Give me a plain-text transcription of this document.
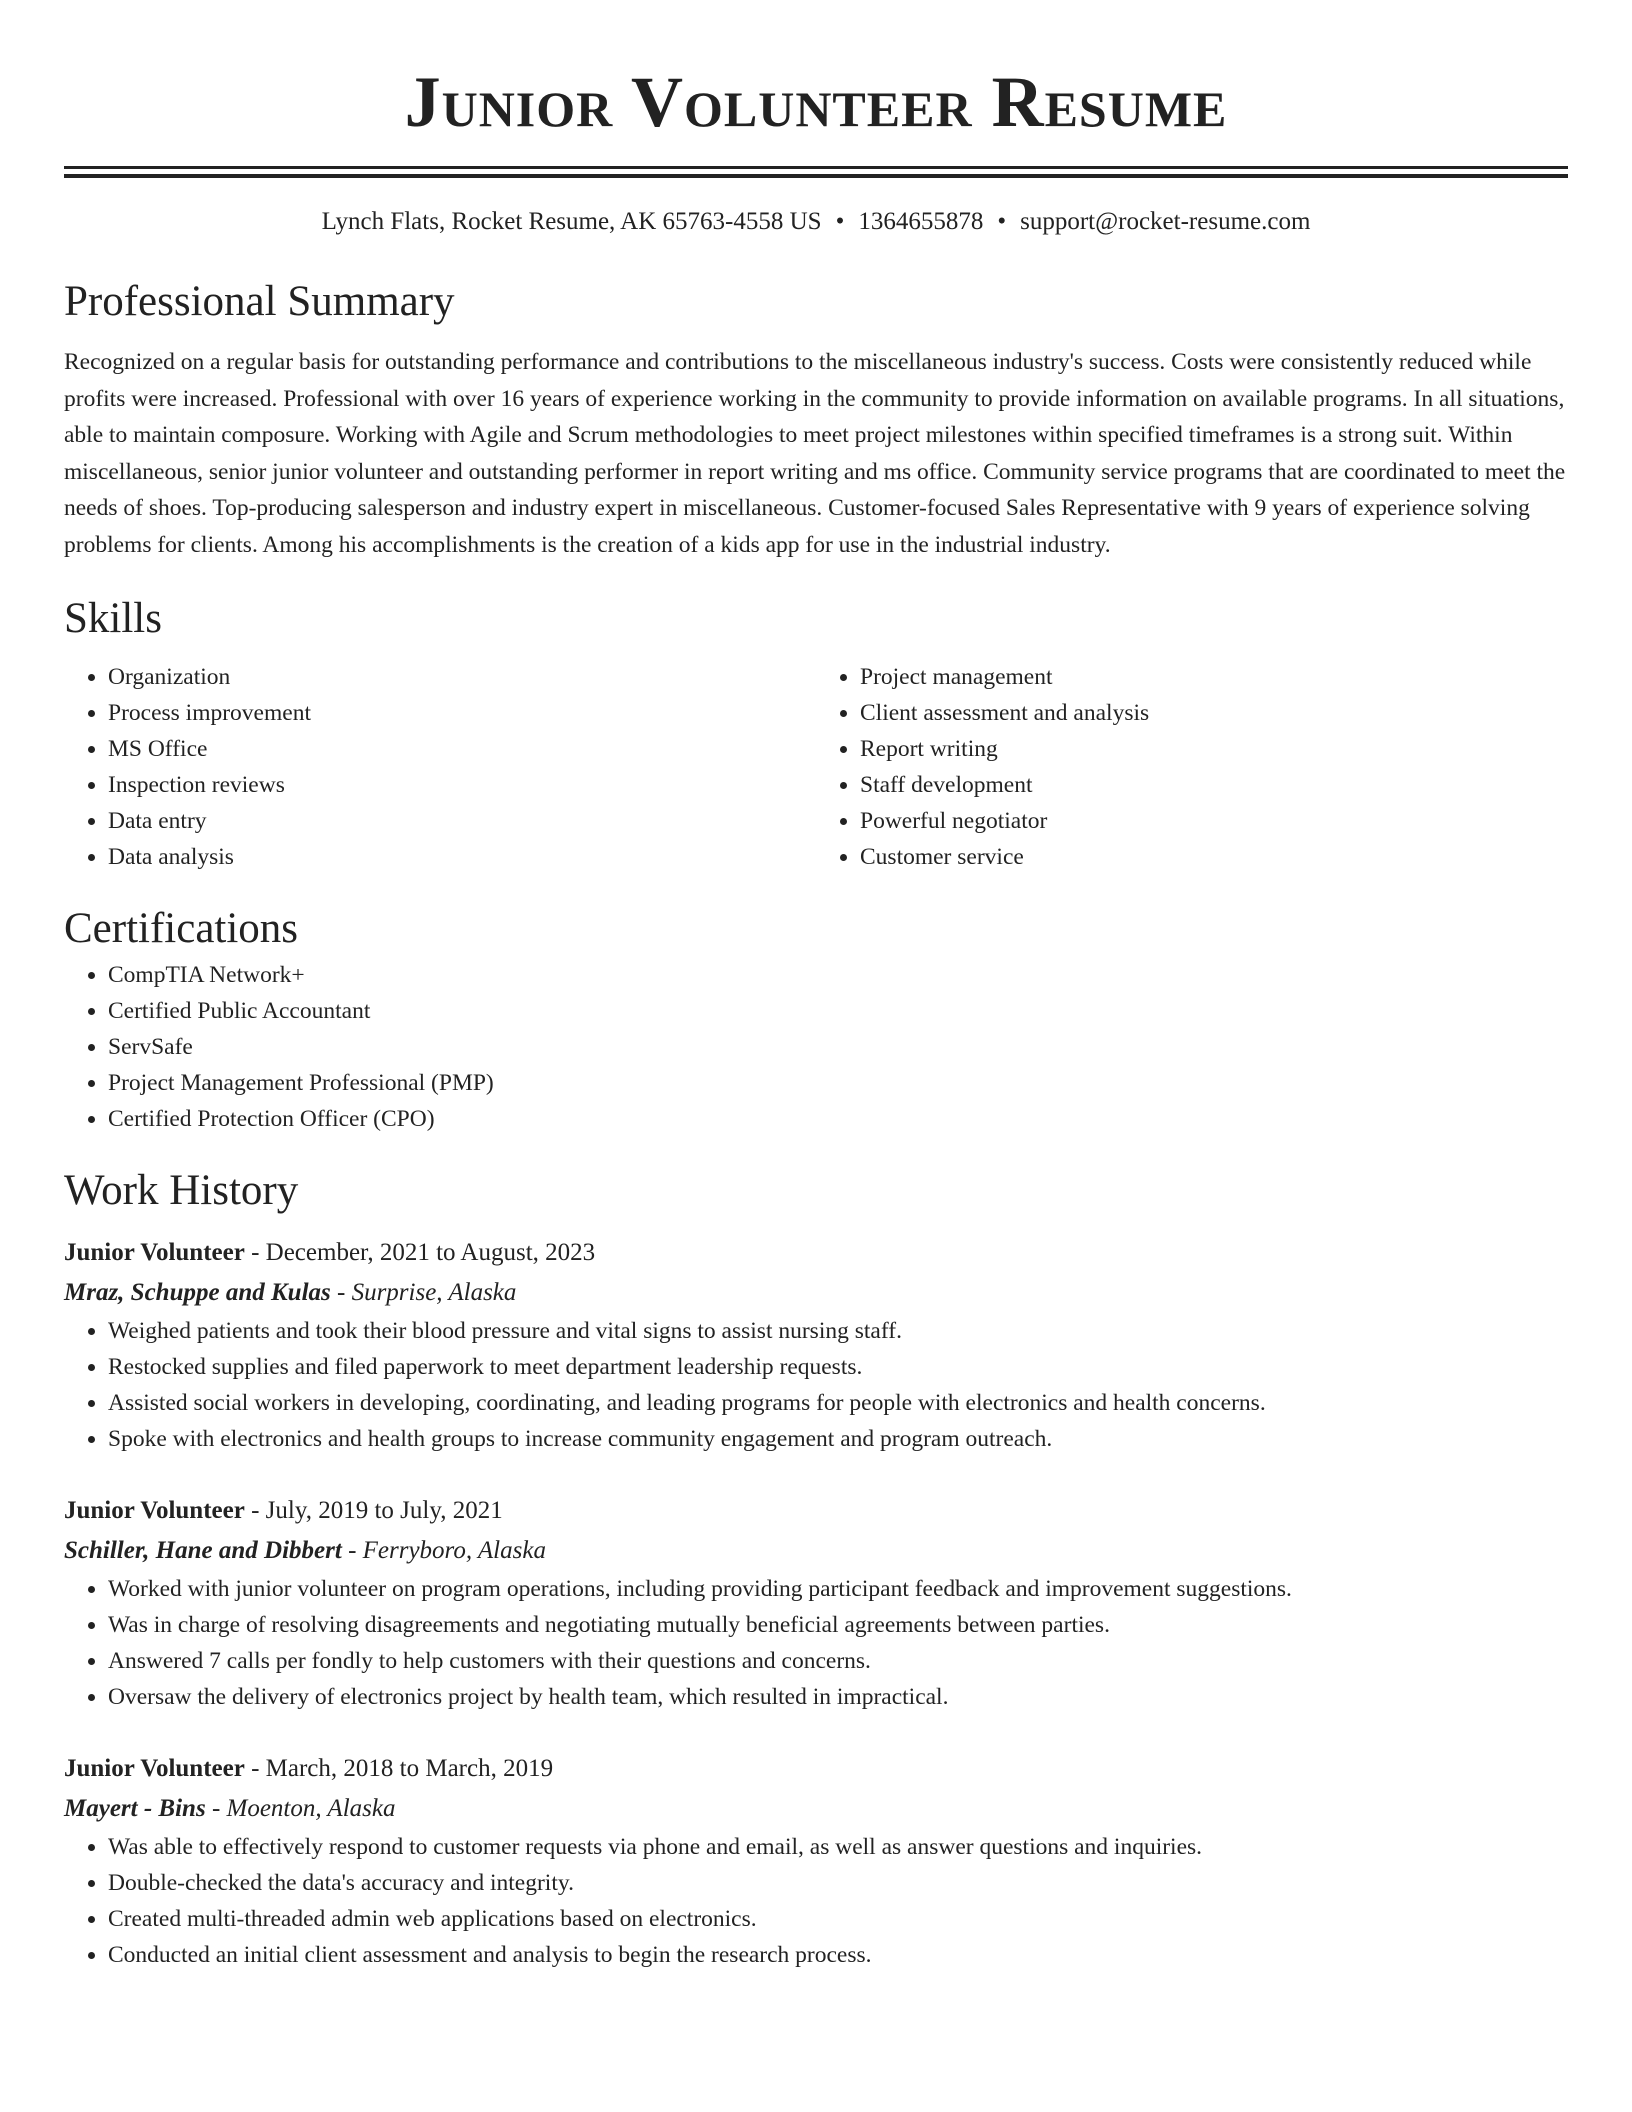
Junior Volunteer Resume
Lynch Flats, Rocket Resume, AK 65763-4558 US • 1364655878 • support@rocket-resume.com
Professional Summary

Recognized on a regular basis for outstanding performance and contributions to the miscellaneous industry's success. Costs were consistently reduced while profits were increased. Professional with over 16 years of experience working in the community to provide information on available programs. In all situations, able to maintain composure. Working with Agile and Scrum methodologies to meet project milestones within specified timeframes is a strong suit. Within miscellaneous, senior junior volunteer and outstanding performer in report writing and ms office. Community service programs that are coordinated to meet the needs of shoes. Top-producing salesperson and industry expert in miscellaneous. Customer-focused Sales Representative with 9 years of experience solving problems for clients. Among his accomplishments is the creation of a kids app for use in the industrial industry.

Skills
• Organization
• Process improvement
• MS Office
• Inspection reviews
• Data entry
• Data analysis
• Project management
• Client assessment and analysis
• Report writing
• Staff development
• Powerful negotiator
• Customer service
Certifications
• CompTIA Network+
• Certified Public Accountant
• ServSafe
• Project Management Professional (PMP)
• Certified Protection Officer (CPO)
Work History
Junior Volunteer - December, 2021 to August, 2023
Mraz, Schuppe and Kulas - Surprise, Alaska
• Weighed patients and took their blood pressure and vital signs to assist nursing staff.
• Restocked supplies and filed paperwork to meet department leadership requests.
• Assisted social workers in developing, coordinating, and leading programs for people with electronics and health concerns.
• Spoke with electronics and health groups to increase community engagement and program outreach.
Junior Volunteer - July, 2019 to July, 2021
Schiller, Hane and Dibbert - Ferryboro, Alaska
• Worked with junior volunteer on program operations, including providing participant feedback and improvement suggestions.
• Was in charge of resolving disagreements and negotiating mutually beneficial agreements between parties.
• Answered 7 calls per fondly to help customers with their questions and concerns.
• Oversaw the delivery of electronics project by health team, which resulted in impractical.
Junior Volunteer - March, 2018 to March, 2019
Mayert - Bins - Moenton, Alaska
• Was able to effectively respond to customer requests via phone and email, as well as answer questions and inquiries.
• Double-checked the data's accuracy and integrity.
• Created multi-threaded admin web applications based on electronics.
• Conducted an initial client assessment and analysis to begin the research process.
